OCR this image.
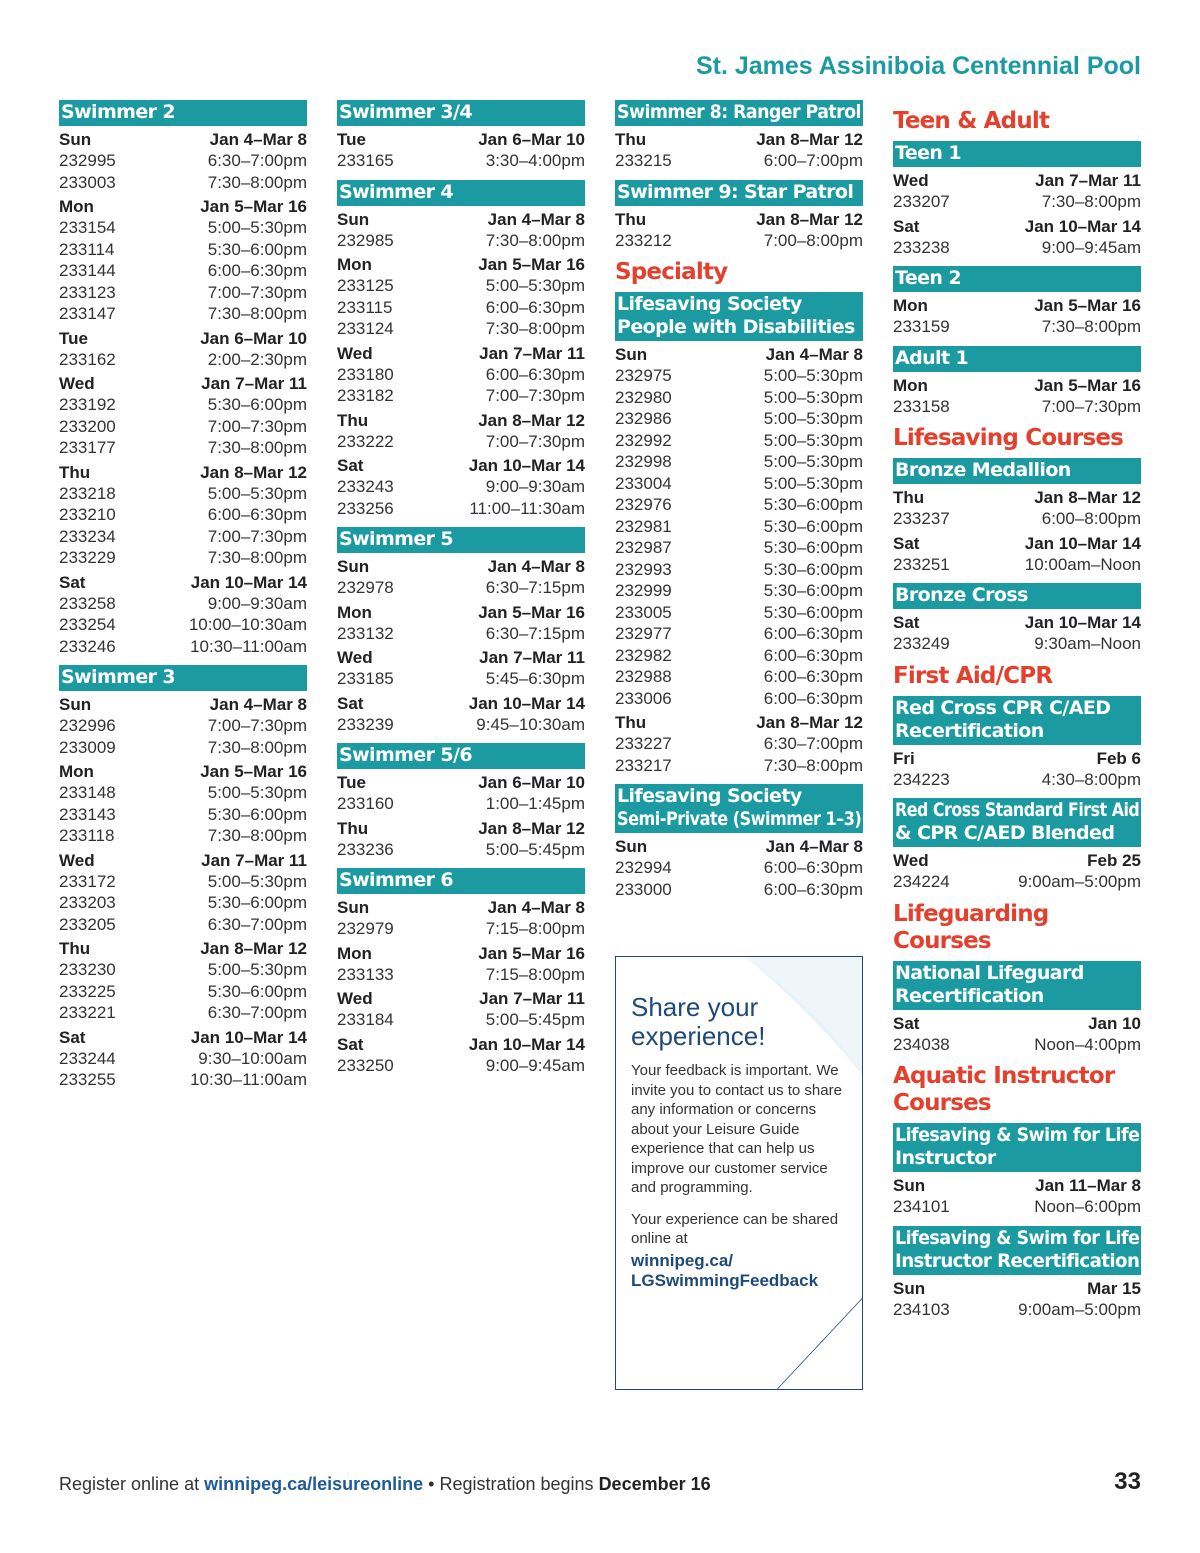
St. James Assiniboia Centennial Pool
Swimmer 2
Sun	Jan 4–Mar 8
232995	6:30–7:00pm
233003	7:30–8:00pm
Mon	Jan 5–Mar 16
233154	5:00–5:30pm
233114	5:30–6:00pm
233144	6:00–6:30pm
233123	7:00–7:30pm
233147	7:30–8:00pm
Tue	Jan 6–Mar 10
233162	2:00–2:30pm
Wed	Jan 7–Mar 11
233192	5:30–6:00pm
233200	7:00–7:30pm
233177	7:30–8:00pm
Thu	Jan 8–Mar 12
233218	5:00–5:30pm
233210	6:00–6:30pm
233234	7:00–7:30pm
233229	7:30–8:00pm
Sat	Jan 10–Mar 14
233258	9:00–9:30am
233254	10:00–10:30am
233246	10:30–11:00am
Swimmer 3
Sun	Jan 4–Mar 8
232996	7:00–7:30pm
233009	7:30–8:00pm
Mon	Jan 5–Mar 16
233148	5:00–5:30pm
233143	5:30–6:00pm
233118	7:30–8:00pm
Wed	Jan 7–Mar 11
233172	5:00–5:30pm
233203	5:30–6:00pm
233205	6:30–7:00pm
Thu	Jan 8–Mar 12
233230	5:00–5:30pm
233225	5:30–6:00pm
233221	6:30–7:00pm
Sat	Jan 10–Mar 14
233244	9:30–10:00am
233255	10:30–11:00am
Swimmer 3/4
Tue	Jan 6–Mar 10
233165	3:30–4:00pm
Swimmer 4
Sun	Jan 4–Mar 8
232985	7:30–8:00pm
Mon	Jan 5–Mar 16
233125	5:00–5:30pm
233115	6:00–6:30pm
233124	7:30–8:00pm
Wed	Jan 7–Mar 11
233180	6:00–6:30pm
233182	7:00–7:30pm
Thu	Jan 8–Mar 12
233222	7:00–7:30pm
Sat	Jan 10–Mar 14
233243	9:00–9:30am
233256	11:00–11:30am
Swimmer 5
Sun	Jan 4–Mar 8
232978	6:30–7:15pm
Mon	Jan 5–Mar 16
233132	6:30–7:15pm
Wed	Jan 7–Mar 11
233185	5:45–6:30pm
Sat	Jan 10–Mar 14
233239	9:45–10:30am
Swimmer 5/6
Tue	Jan 6–Mar 10
233160	1:00–1:45pm
Thu	Jan 8–Mar 12
233236	5:00–5:45pm
Swimmer 6
Sun	Jan 4–Mar 8
232979	7:15–8:00pm
Mon	Jan 5–Mar 16
233133	7:15–8:00pm
Wed	Jan 7–Mar 11
233184	5:00–5:45pm
Sat	Jan 10–Mar 14
233250	9:00–9:45am
Swimmer 8: Ranger Patrol
Thu	Jan 8–Mar 12
233215	6:00–7:00pm
Swimmer 9: Star Patrol
Thu	Jan 8–Mar 12
233212	7:00–8:00pm
Specialty
Lifesaving Society
People with Disabilities
Sun	Jan 4–Mar 8
232975	5:00–5:30pm
232980	5:00–5:30pm
232986	5:00–5:30pm
232992	5:00–5:30pm
232998	5:00–5:30pm
233004	5:00–5:30pm
232976	5:30–6:00pm
232981	5:30–6:00pm
232987	5:30–6:00pm
232993	5:30–6:00pm
232999	5:30–6:00pm
233005	5:30–6:00pm
232977	6:00–6:30pm
232982	6:00–6:30pm
232988	6:00–6:30pm
233006	6:00–6:30pm
Thu	Jan 8–Mar 12
233227	6:30–7:00pm
233217	7:30–8:00pm
Lifesaving Society
Semi-Private (Swimmer 1–3)
Sun	Jan 4–Mar 8
232994	6:00–6:30pm
233000	6:00–6:30pm
Teen & Adult
Teen 1
Wed	Jan 7–Mar 11
233207	7:30–8:00pm
Sat	Jan 10–Mar 14
233238	9:00–9:45am
Teen 2
Mon	Jan 5–Mar 16
233159	7:30–8:00pm
Adult 1
Mon	Jan 5–Mar 16
233158	7:00–7:30pm
Lifesaving Courses
Bronze Medallion
Thu	Jan 8–Mar 12
233237	6:00–8:00pm
Sat	Jan 10–Mar 14
233251	10:00am–Noon
Bronze Cross
Sat	Jan 10–Mar 14
233249	9:30am–Noon
First Aid/CPR
Red Cross CPR C/AED
Recertification
Fri	Feb 6
234223	4:30–8:00pm
Red Cross Standard First Aid
& CPR C/AED Blended
Wed	Feb 25
234224	9:00am–5:00pm
Lifeguarding Courses
National Lifeguard
Recertification
Sat	Jan 10
234038	Noon–4:00pm
Aquatic Instructor Courses
Lifesaving & Swim for Life
Instructor
Sun	Jan 11–Mar 8
234101	Noon–6:00pm
Lifesaving & Swim for Life
Instructor Recertification
Sun	Mar 15
234103	9:00am–5:00pm
Share your
experience!
Your feedback is important. We invite you to contact us to share any information or concerns about your Leisure Guide experience that can help us improve our customer service and programming.
Your experience can be shared online at
winnipeg.ca/
LGSwimmingFeedback
Register online at winnipeg.ca/leisureonline • Registration begins December 16	33
